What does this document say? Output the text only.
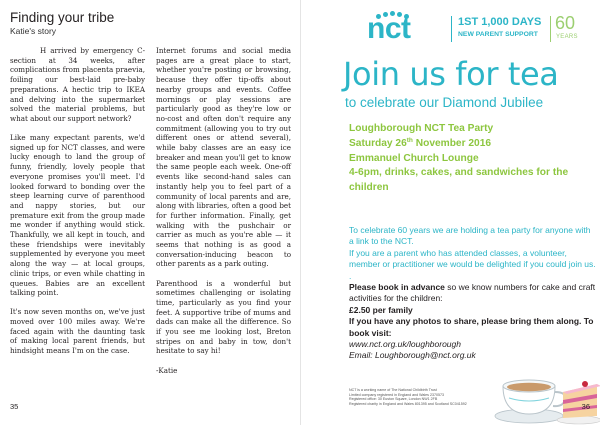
Finding your tribe
Katie's story

H arrived by emergency C-section at 34 weeks, after complications from placenta praevia, foiling our best-laid pre-baby preparations. A hectic trip to IKEA and delving into the supermarket solved the material problems, but what about our support network?

Like many expectant parents, we'd signed up for NCT classes, and were lucky enough to land the group of funny, friendly, lovely people that everyone promises you'll meet. I'd looked forward to bonding over the steep learning curve of parenthood and nappy stories, but our premature exit from the group made me wonder if anything would stick. Thankfully, we all kept in touch, and these friendships were inevitably supplemented by everyone you meet along the way — at local groups, clinic trips, or even while chatting in queues. Babies are an excellent talking point.

It's now seven months on, we've just moved over 100 miles away. We're faced again with the daunting task of making local parent friends, but hindsight means I'm on the case.

Internet forums and social media pages are a great place to start, whether you're posting or browsing, because they offer tip-offs about nearby groups and events. Coffee mornings or play sessions are particularly good as they're low or no-cost and often don't require any commitment (allowing you to try out different ones or attend several), while baby classes are an easy ice breaker and mean you'll get to know the same people each week. One-off events like second-hand sales can instantly help you to feel part of a community of local parents and are, along with libraries, often a good bet for further information. Finally, get walking with the pushchair or carrier as much as you're able — it seems that nothing is as good a conversation-inducing beacon to other parents as a park outing.

Parenthood is a wonderful but sometimes challenging or isolating time, particularly as you find your feet. A supportive tribe of mums and dads can make all the difference. So if you see me looking lost, Breton stripes on and baby in tow, don't hesitate to say hi!

-Katie

35
nct	1ST 1,000 DAYS
NEW PARENT SUPPORT
60
YEARS
Join us for tea
to celebrate our Diamond Jubilee
Loughborough NCT Tea Party
Saturday 26th November 2016
Emmanuel Church Lounge
4-6pm, drinks, cakes, and sandwiches for the children

To celebrate 60 years we are holding a tea party for anyone with a link to the NCT.

If you are a parent who has attended classes, a volunteer, member or practitioner we would be delighted if you could join us. .

Please book in advance so we know numbers for cake and craft activities for the children:

£2.50 per family

If you have any photos to share, please bring them along. To book visit:

www.nct.org.uk/loughborough

Email: Loughborough@nct.org.uk

NCT is a working name of The National Childbirth Trust
Limited company registered in England and Wales 2370573
Registered office: 30 Euston Square, London NW1 2FB
Registered charity in England and Wales 801395 and Scotland SC041592	36
